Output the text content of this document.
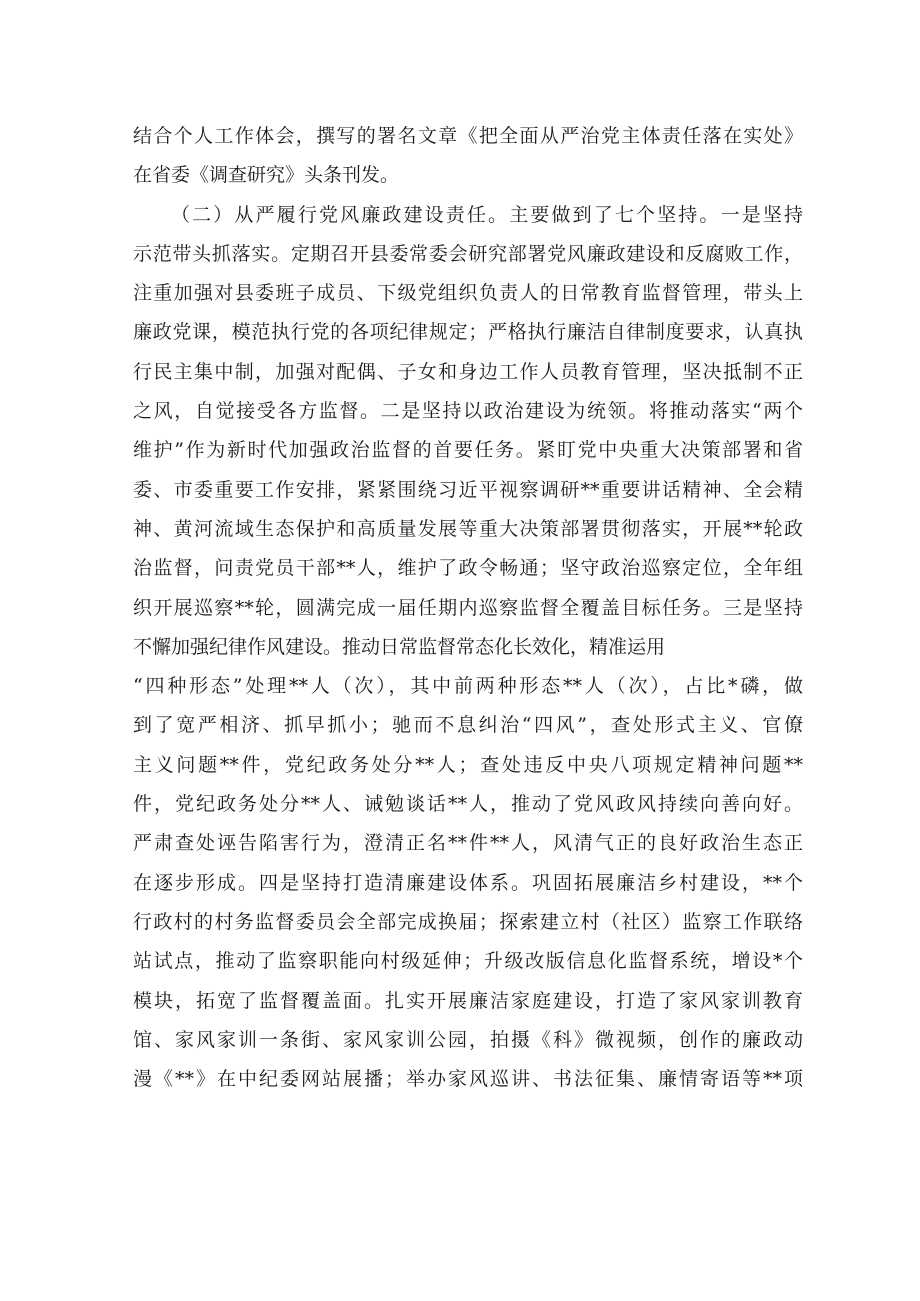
结合个人工作体会，撰写的署名文章《把全面从严治党主体责任落在实处》
在省委《调查研究》头条刊发。
（二）从严履行党风廉政建设责任。主要做到了七个坚持。一是坚持
示范带头抓落实。定期召开县委常委会研究部署党风廉政建设和反腐败工作，
注重加强对县委班子成员、下级党组织负责人的日常教育监督管理，带头上
廉政党课，模范执行党的各项纪律规定；严格执行廉洁自律制度要求，认真执
行民主集中制，加强对配偶、子女和身边工作人员教育管理，坚决抵制不正
之风，自觉接受各方监督。二是坚持以政治建设为统领。将推动落实“两个
维护”作为新时代加强政治监督的首要任务。紧盯党中央重大决策部署和省
委、市委重要工作安排，紧紧围绕习近平视察调研**重要讲话精神、全会精
神、黄河流域生态保护和高质量发展等重大决策部署贯彻落实，开展**轮政
治监督，问责党员干部**人，维护了政令畅通；坚守政治巡察定位，全年组
织开展巡察**轮，圆满完成一届任期内巡察监督全覆盖目标任务。三是坚持
不懈加强纪律作风建设。推动日常监督常态化长效化，精准运用
“四种形态”处理**人（次），其中前两种形态**人（次），占比*磷，做
到了宽严相济、抓早抓小；驰而不息纠治“四风”，查处形式主义、官僚
主义问题**件，党纪政务处分**人；查处违反中央八项规定精神问题**
件，党纪政务处分**人、诫勉谈话**人，推动了党风政风持续向善向好。
严肃查处诬告陷害行为，澄清正名**件**人，风清气正的良好政治生态正
在逐步形成。四是坚持打造清廉建设体系。巩固拓展廉洁乡村建设，**个
行政村的村务监督委员会全部完成换届；探索建立村（社区）监察工作联络
站试点，推动了监察职能向村级延伸；升级改版信息化监督系统，增设*个
模块，拓宽了监督覆盖面。扎实开展廉洁家庭建设，打造了家风家训教育
馆、家风家训一条街、家风家训公园，拍摄《科》微视频，创作的廉政动
漫《**》在中纪委网站展播；举办家风巡讲、书法征集、廉情寄语等**项
